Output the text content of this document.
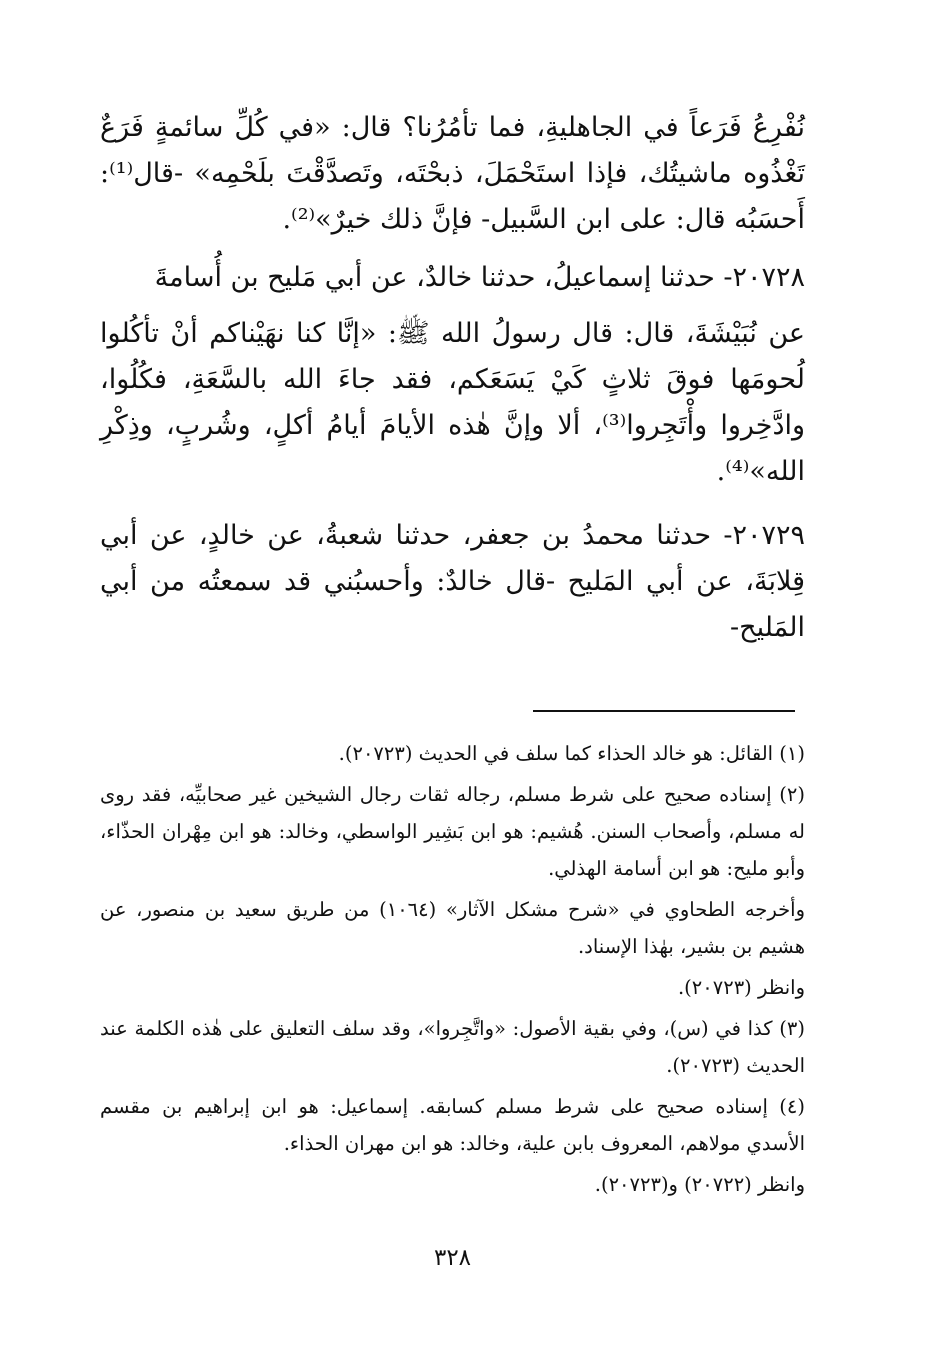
نُفْرِعُ فَرَعاً في الجاهليةِ، فما تأمُرُنا؟ قال: «في كُلِّ سائمةٍ فَرَعٌ تَغْذُوه ماشيتُك، فإذا استَحْمَلَ، ذبحْتَه، وتَصدَّقْتَ بلَحْمِه» -قال⁽¹⁾: أَحسَبُه قال: على ابن السَّبيل- فإنَّ ذلك خيرٌ»⁽²⁾.

٢٠٧٢٨- حدثنا إسماعيلُ، حدثنا خالدٌ، عن أبي مَليح بن أُسامةَ

عن نُبَيْشَةَ، قال: قال رسولُ الله ﷺ: «إنَّا كنا نهَيْناكم أنْ تأكُلوا لُحومَها فوقَ ثلاثٍ كَيْ يَسَعَكم، فقد جاءَ الله بالسَّعَةِ، فكُلُوا، وادَّخِروا وأْتَجِروا⁽³⁾، ألا وإنَّ هٰذه الأيامَ أيامُ أكلٍ، وشُربٍ، وذِكْرِ الله»⁽⁴⁾.

٢٠٧٢٩- حدثنا محمدُ بن جعفر، حدثنا شعبةُ، عن خالدٍ، عن أبي قِلابَةَ، عن أبي المَليح -قال خالدٌ: وأحسبُني قد سمعتُه من أبي المَليح-

(١) القائل: هو خالد الحذاء كما سلف في الحديث (٢٠٧٢٣).

(٢) إسناده صحيح على شرط مسلم، رجاله ثقات رجال الشيخين غير صحابيِّه، فقد روى له مسلم، وأصحاب السنن. هُشيم: هو ابن بَشِير الواسطي، وخالد: هو ابن مِهْران الحذّاء، وأبو مليح: هو ابن أسامة الهذلي.

وأخرجه الطحاوي في «شرح مشكل الآثار» (١٠٦٤) من طريق سعيد بن منصور، عن هشيم بن بشير، بهٰذا الإسناد.

وانظر (٢٠٧٢٣).

(٣) كذا في (س)، وفي بقية الأصول: «واتَّجِروا»، وقد سلف التعليق على هٰذه الكلمة عند الحديث (٢٠٧٢٣).

(٤) إسناده صحيح على شرط مسلم كسابقه. إسماعيل: هو ابن إبراهيم بن مقسم الأسدي مولاهم، المعروف بابن علية، وخالد: هو ابن مهران الحذاء.

وانظر (٢٠٧٢٢) و(٢٠٧٢٣).

٣٢٨
